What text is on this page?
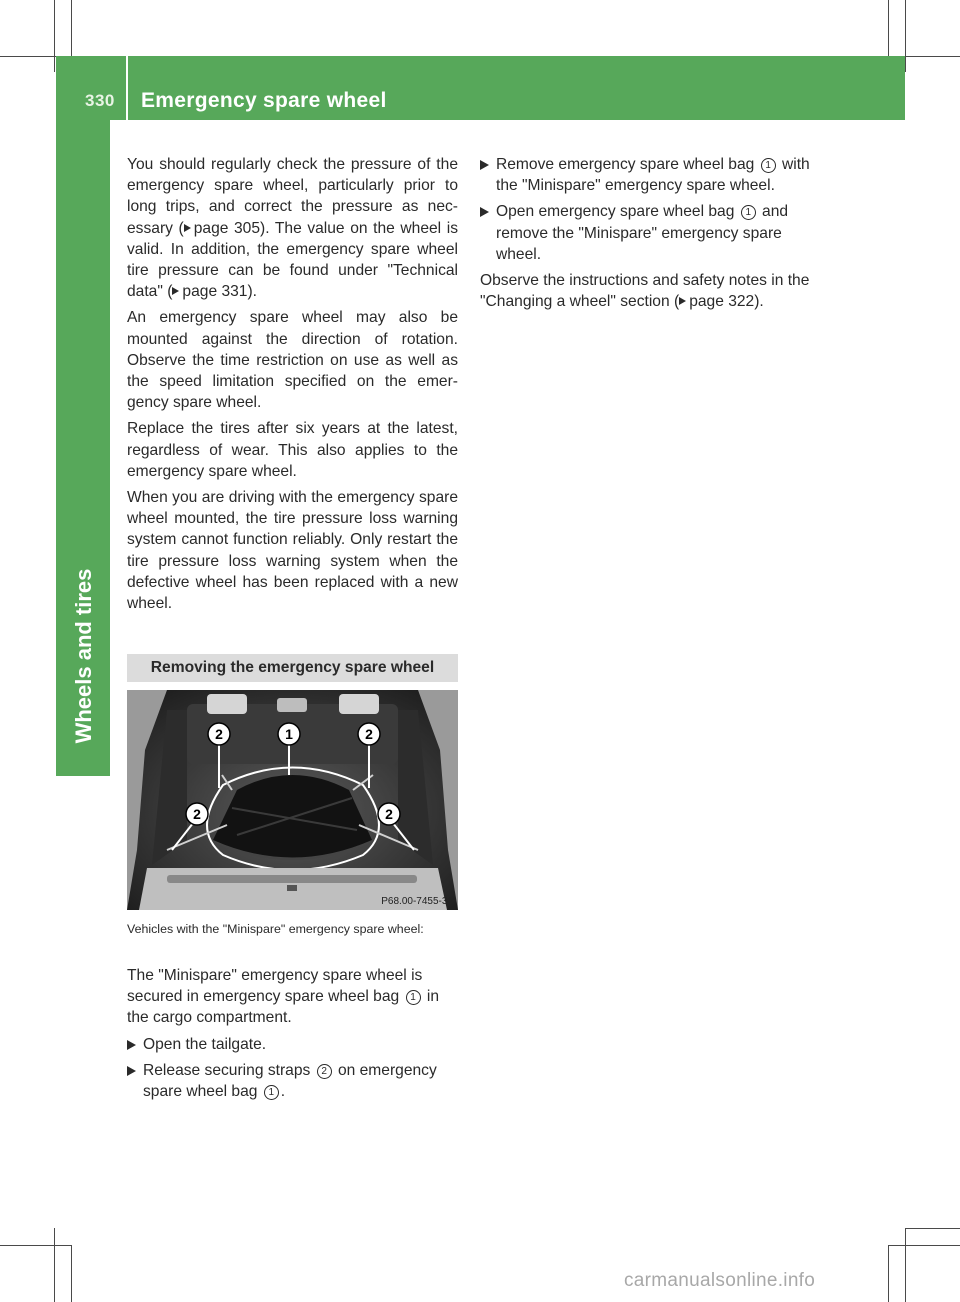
330 Emergency spare wheel
Wheels and tires

You should regularly check the pressure of the emergency spare wheel, particularly prior to long trips, and correct the pressure as nec- essary ( page 305). The value on the wheel is valid. In addition, the emergency spare wheel tire pressure can be found under "Technical data" ( page 331).

An emergency spare wheel may also be mounted against the direction of rotation. Observe the time restriction on use as well as the speed limitation specified on the emer- gency spare wheel.

Replace the tires after six years at the latest, regardless of wear. This also applies to the emergency spare wheel.

When you are driving with the emergency spare wheel mounted, the tire pressure loss warning system cannot function reliably. Only restart the tire pressure loss warning system when the defective wheel has been replaced with a new wheel.

Removing the emergency spare wheel
1
2	2
2	2
P68.00-7455-31
Vehicles with the "Minispare" emergency spare wheel:

The "Minispare" emergency spare wheel is secured in emergency spare wheel bag 1 in the cargo compartment.

Open the tailgate.
Release securing straps 2 on emergency spare wheel bag 1 .
Remove emergency spare wheel bag 1 with the "Minispare" emergency spare wheel.
Open emergency spare wheel bag 1 and remove the "Minispare" emergency spare wheel.

Observe the instructions and safety notes in the "Changing a wheel" section ( page 322).

carmanualsonline.info
